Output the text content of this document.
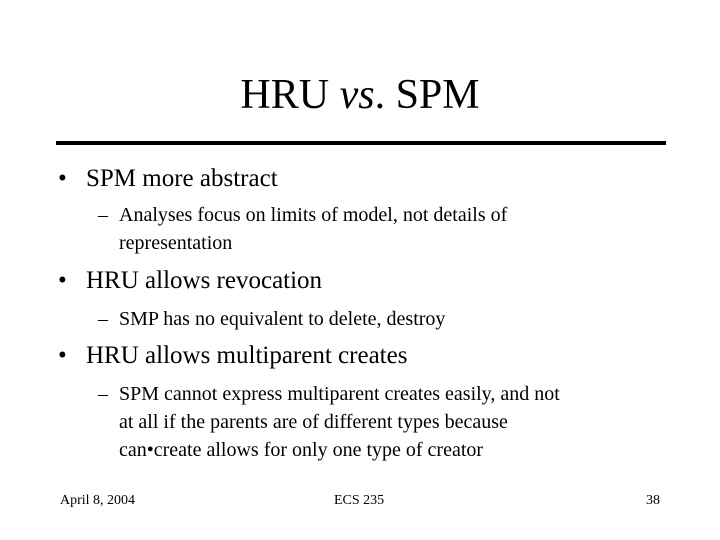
HRU vs. SPM
• SPM more abstract
– Analyses focus on limits of model, not details of
representation
• HRU allows revocation
– SMP has no equivalent to delete, destroy
• HRU allows multiparent creates
– SPM cannot express multiparent creates easily, and not
at all if the parents are of different types because
can•create allows for only one type of creator
April 8, 2004	ECS 235	38
